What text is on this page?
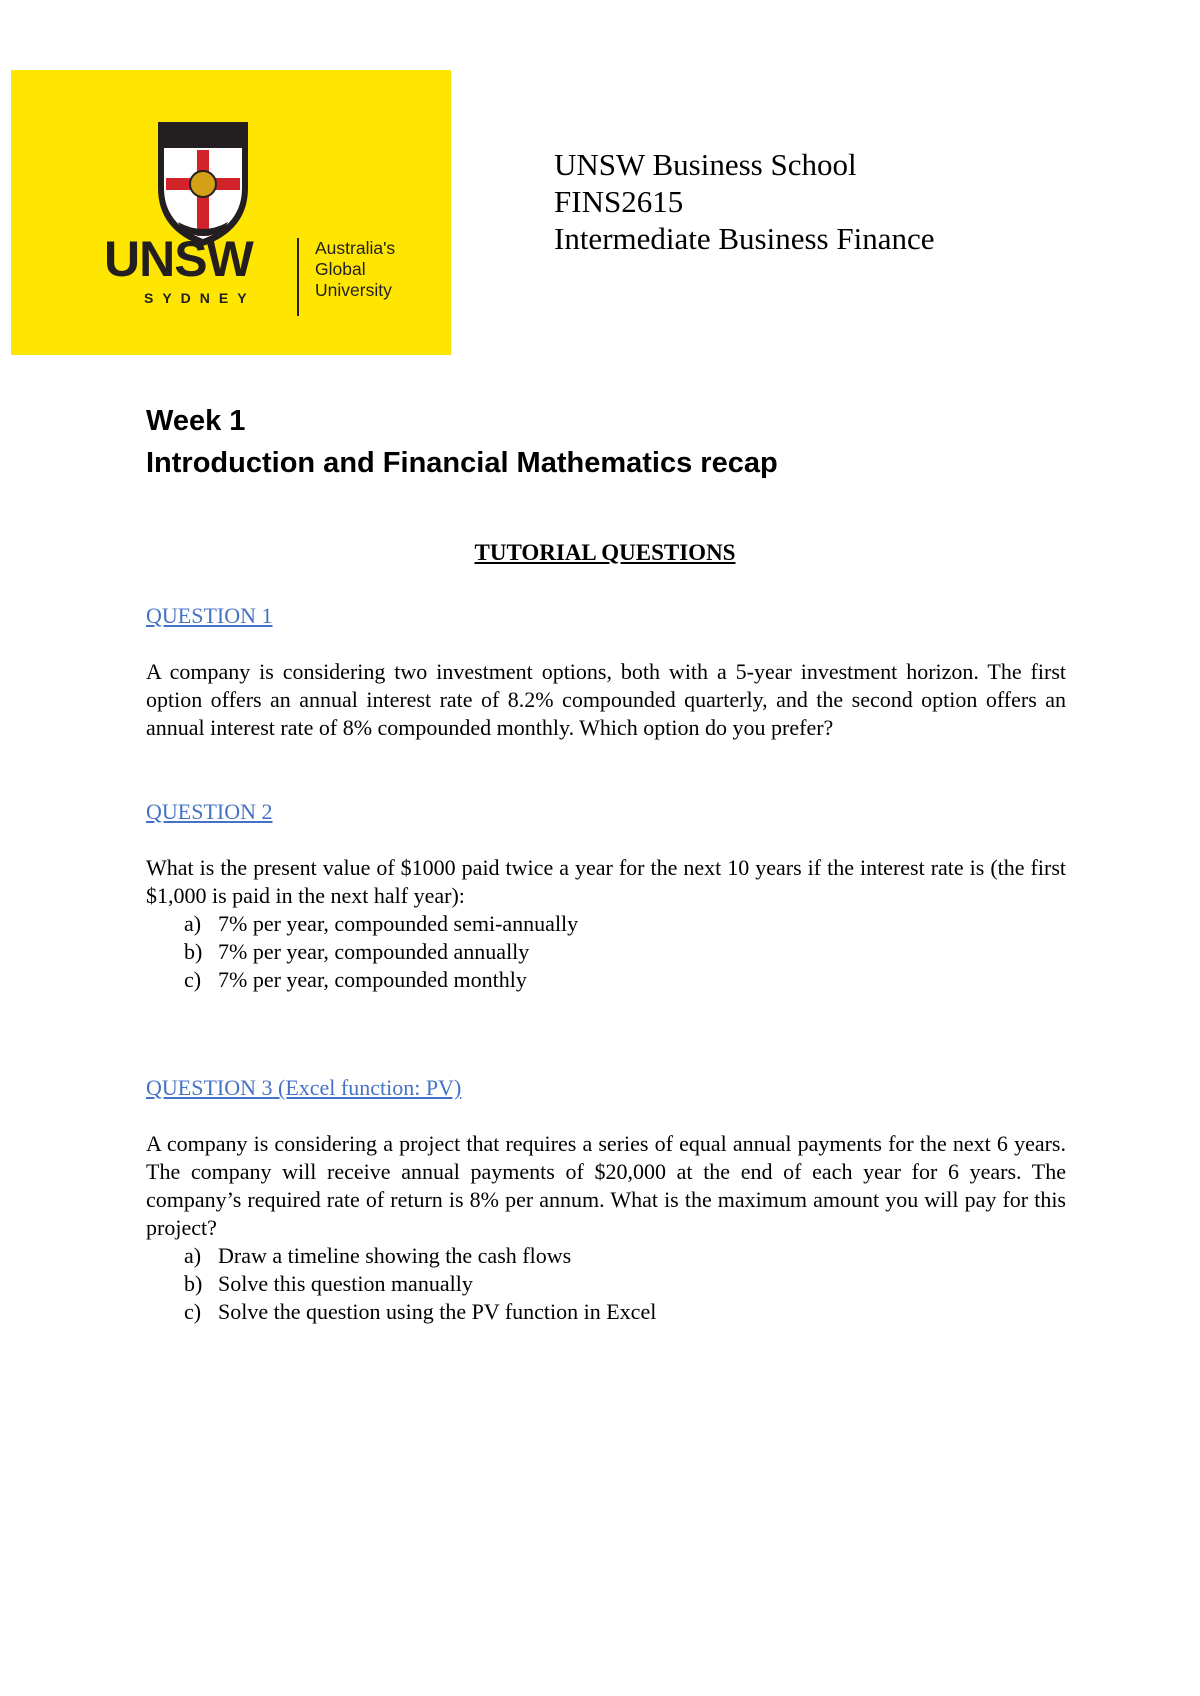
UNSW
SYDNEY
Australia's
Global
University
UNSW Business School
FINS2615
Intermediate Business Finance
Week 1
Introduction and Financial Mathematics recap
TUTORIAL QUESTIONS
QUESTION 1

A company is considering two investment options, both with a 5-year investment horizon. The first option offers an annual interest rate of 8.2% compounded quarterly, and the second option offers an annual interest rate of 8% compounded monthly. Which option do you prefer?

QUESTION 2

What is the present value of $1000 paid twice a year for the next 10 years if the interest rate is (the first $1,000 is paid in the next half year):

a) 7% per year, compounded semi-annually
b) 7% per year, compounded annually
c) 7% per year, compounded monthly
QUESTION 3 (Excel function: PV)

A company is considering a project that requires a series of equal annual payments for the next 6 years. The company will receive annual payments of $20,000 at the end of each year for 6 years. The company’s required rate of return is 8% per annum. What is the maximum amount you will pay for this project?

a) Draw a timeline showing the cash flows
b) Solve this question manually
c) Solve the question using the PV function in Excel
